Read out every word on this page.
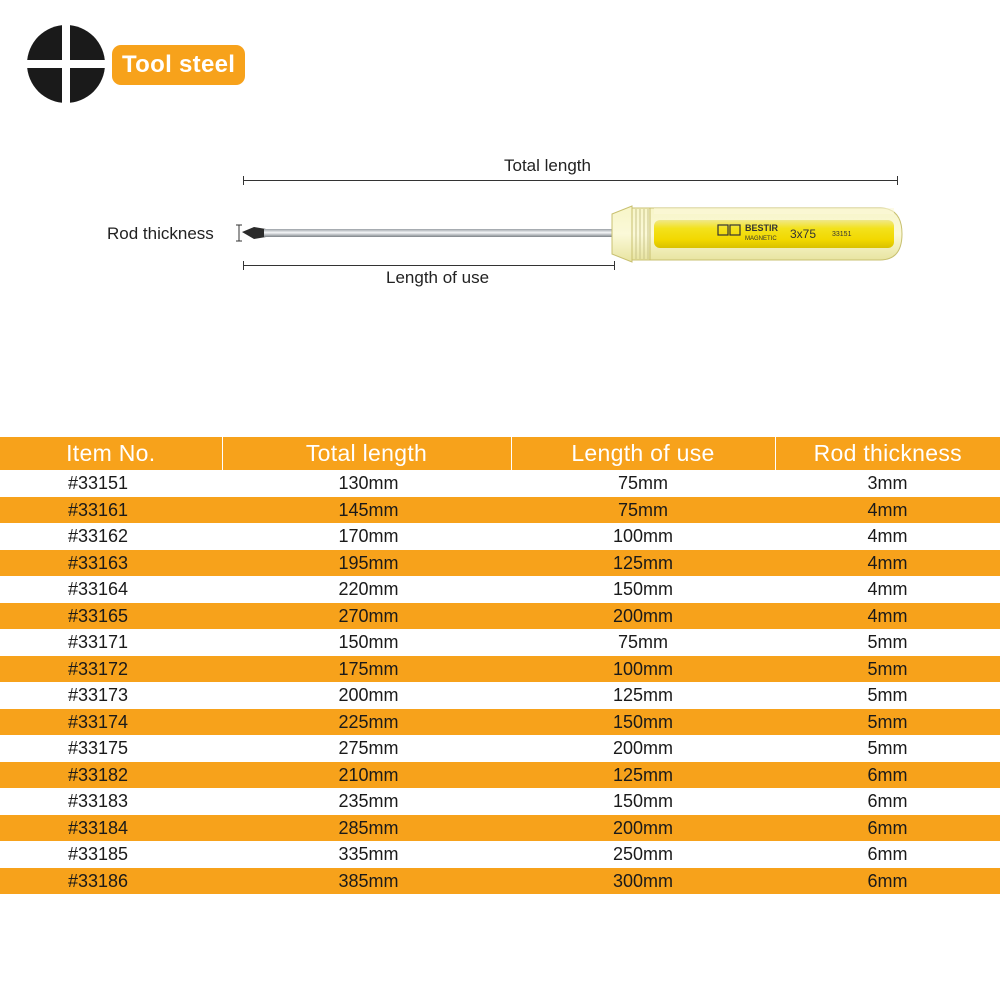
Tool steel
Total length
Rod thickness	BESTIR
MAGNETIC 3x75 33151
Length of use
Item No.	Total length	Length of use	Rod thickness
#33151	130mm	75mm	3mm
#33161	145mm	75mm	4mm
#33162	170mm	100mm	4mm
#33163	195mm	125mm	4mm
#33164	220mm	150mm	4mm
#33165	270mm	200mm	4mm
#33171	150mm	75mm	5mm
#33172	175mm	100mm	5mm
#33173	200mm	125mm	5mm
#33174	225mm	150mm	5mm
#33175	275mm	200mm	5mm
#33182	210mm	125mm	6mm
#33183	235mm	150mm	6mm
#33184	285mm	200mm	6mm
#33185	335mm	250mm	6mm
#33186	385mm	300mm	6mm
